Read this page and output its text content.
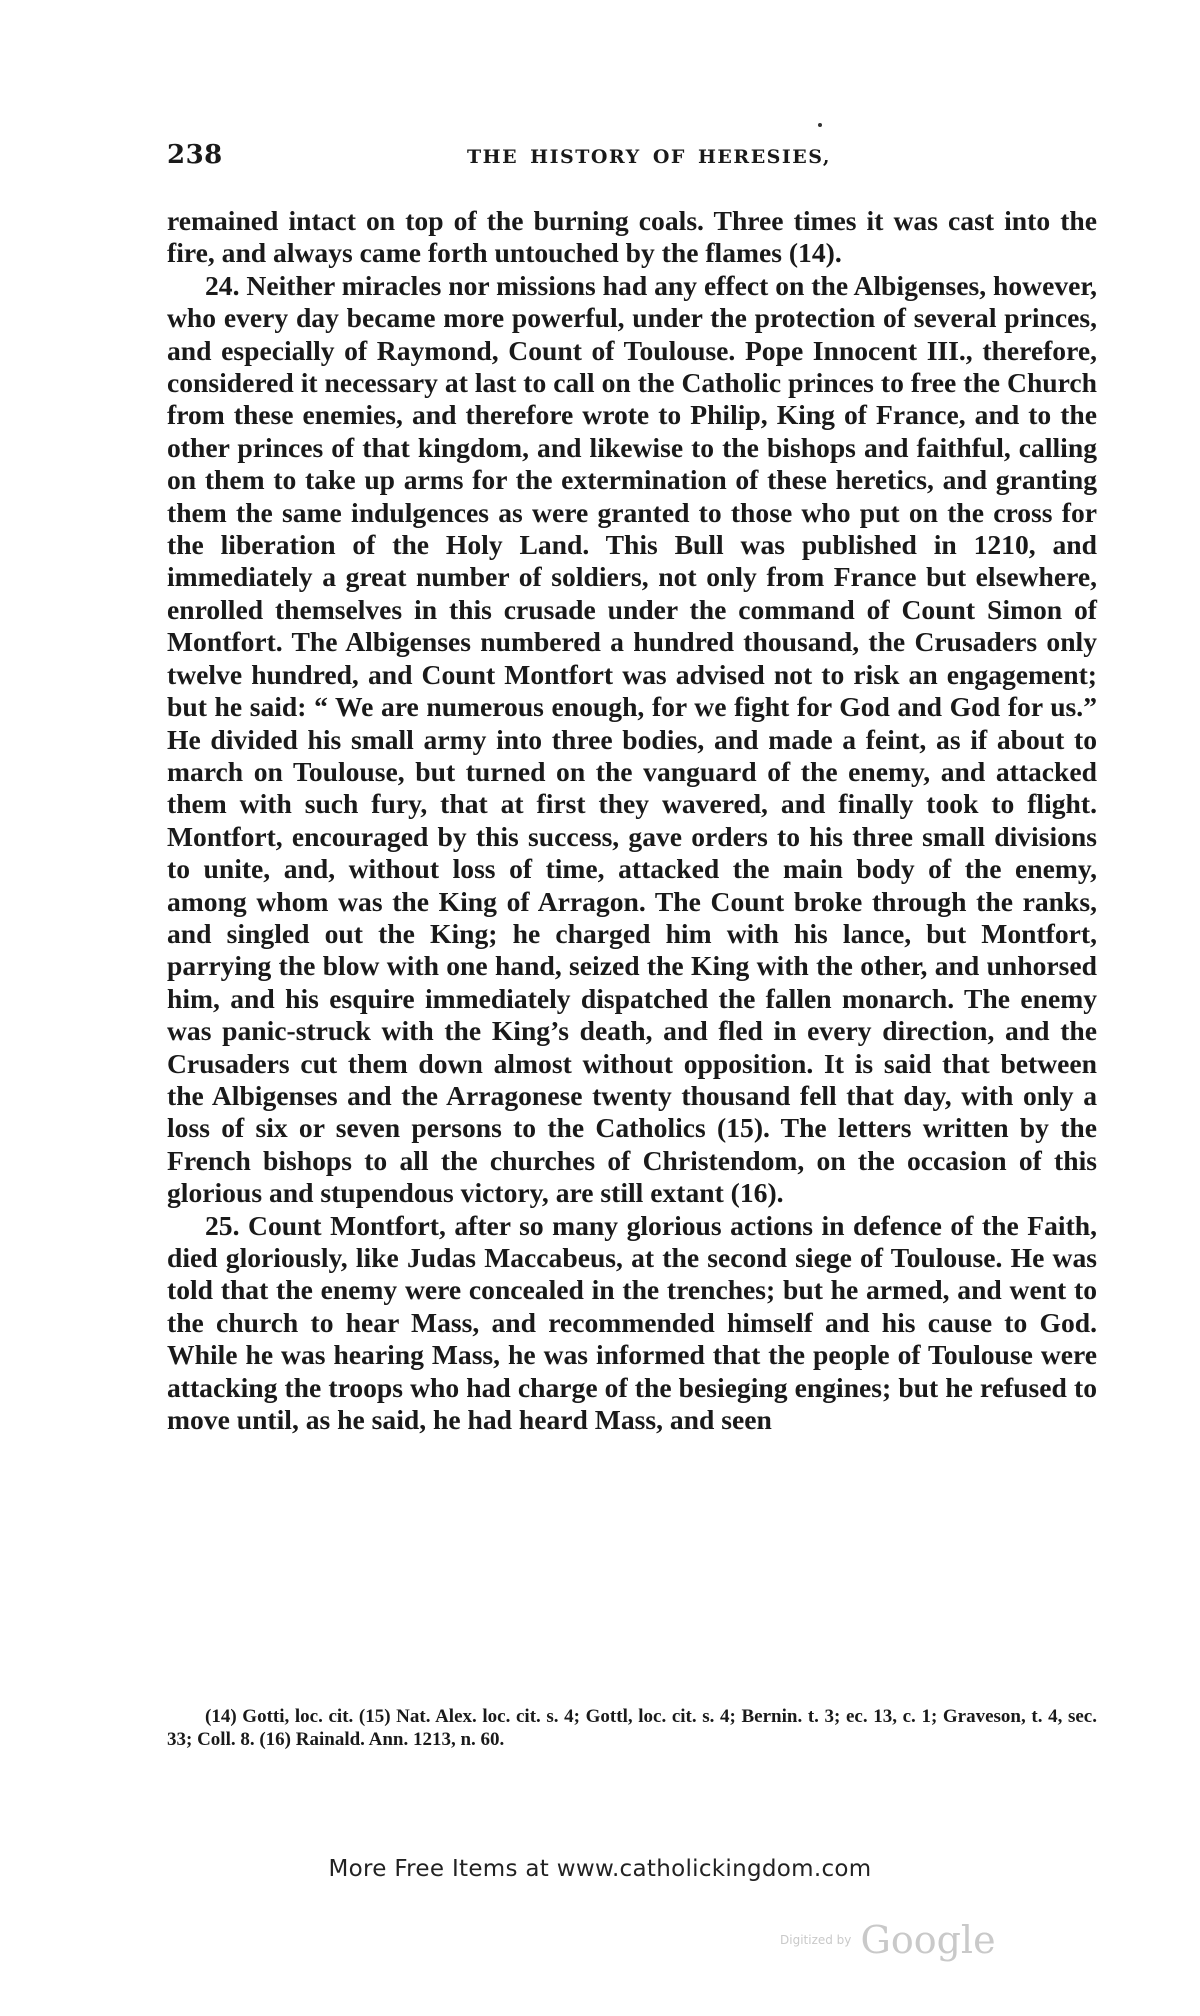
238	THE HISTORY OF HERESIES,

remained intact on top of the burning coals. Three times it was cast into the fire, and always came forth untouched by the flames (14).

24. Neither miracles nor missions had any effect on the Albigenses, however, who every day became more powerful, under the protection of several princes, and especially of Raymond, Count of Toulouse. Pope Innocent III., therefore, considered it necessary at last to call on the Catholic princes to free the Church from these enemies, and therefore wrote to Philip, King of France, and to the other princes of that kingdom, and likewise to the bishops and faithful, calling on them to take up arms for the extermination of these heretics, and granting them the same indulgences as were granted to those who put on the cross for the liberation of the Holy Land. This Bull was published in 1210, and immediately a great number of soldiers, not only from France but elsewhere, enrolled themselves in this crusade under the command of Count Simon of Montfort. The Albigenses numbered a hundred thousand, the Crusaders only twelve hundred, and Count Montfort was advised not to risk an engagement; but he said: “ We are numerous enough, for we fight for God and God for us.” He divided his small army into three bodies, and made a feint, as if about to march on Toulouse, but turned on the vanguard of the enemy, and attacked them with such fury, that at first they wavered, and finally took to flight. Montfort, encouraged by this success, gave orders to his three small divisions to unite, and, without loss of time, attacked the main body of the enemy, among whom was the King of Arragon. The Count broke through the ranks, and singled out the King; he charged him with his lance, but Montfort, parrying the blow with one hand, seized the King with the other, and unhorsed him, and his esquire immediately dispatched the fallen monarch. The enemy was panic-struck with the King’s death, and fled in every direction, and the Crusaders cut them down almost without opposition. It is said that between the Albigenses and the Arragonese twenty thousand fell that day, with only a loss of six or seven persons to the Catholics (15). The letters written by the French bishops to all the churches of Christendom, on the occasion of this glorious and stupendous victory, are still extant (16).

25. Count Montfort, after so many glorious actions in defence of the Faith, died gloriously, like Judas Maccabeus, at the second siege of Toulouse. He was told that the enemy were concealed in the trenches; but he armed, and went to the church to hear Mass, and recommended himself and his cause to God. While he was hearing Mass, he was informed that the people of Toulouse were attacking the troops who had charge of the besieging engines; but he refused to move until, as he said, he had heard Mass, and seen

(14) Gotti, loc. cit. (15) Nat. Alex. loc. cit. s. 4; Gottl, loc. cit. s. 4; Bernin. t. 3; ec. 13, c. 1; Graveson, t. 4, sec. 33; Coll. 8. (16) Rainald. Ann. 1213, n. 60.

More Free Items at www.catholickingdom.com
Digitized by Google
